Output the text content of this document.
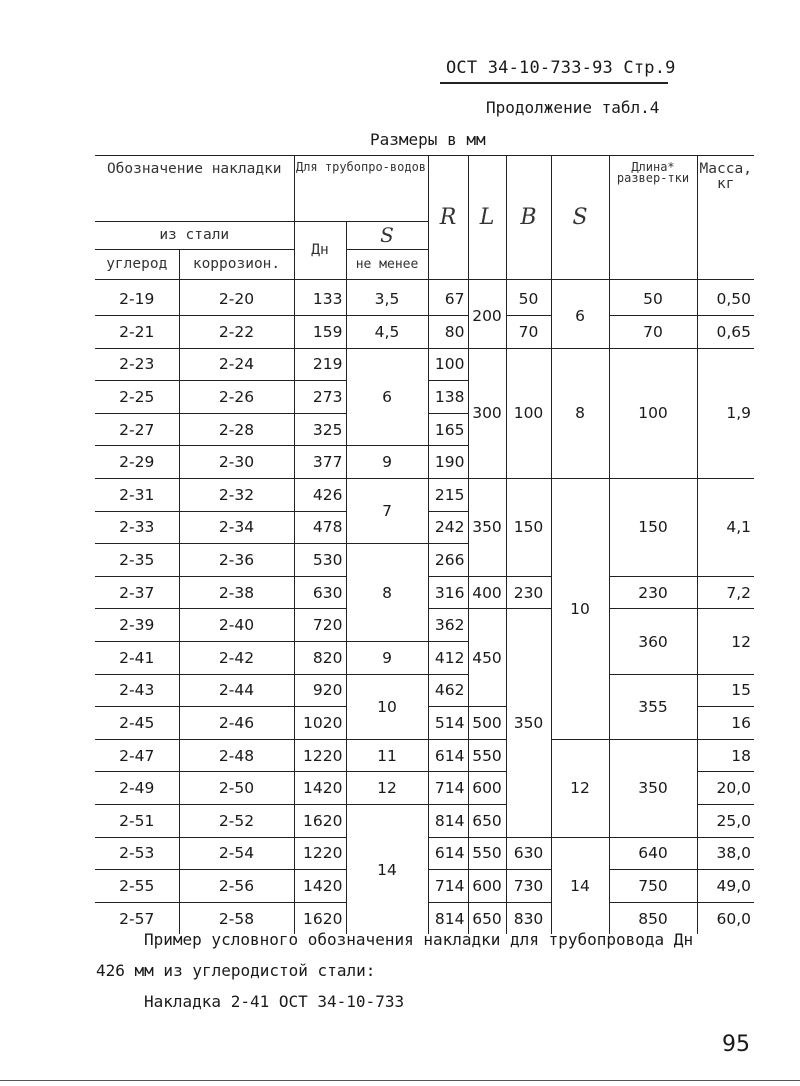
ОСТ 34-10-733-93 Стр.9
Продолжение табл.4
Размеры в мм
Обозначение накладки		Для трубопро-водов		R	L	B	S	Длина* развер-тки	Масса, кг
из стали		Дн	S						
углерод	коррозион.		не менее						

2-19	2-20	133	3,5	67	200	50	6	50	0,50
2-21	2-22	159	4,5	80		70		70	0,65
2-23	2-24	219	6	100	300	100	8	100	1,9
2-25	2-26	273		138					
2-27	2-28	325		165					
2-29	2-30	377	9	190					
2-31	2-32	426	7	215	350	150	10	150	4,1
2-33	2-34	478		242					
2-35	2-36	530	8	266					
2-37	2-38	630		316	400	230		230	7,2
2-39	2-40	720		362	450	350		360	12
2-41	2-42	820	9	412					
2-43	2-44	920	10	462				355	15
2-45	2-46	1020		514	500				16
2-47	2-48	1220	11	614	550		12	350	18
2-49	2-50	1420	12	714	600				20,0
2-51	2-52	1620	14	814	650				25,0
2-53	2-54	1220		614	550	630	14	640	38,0
2-55	2-56	1420		714	600	730		750	49,0
2-57	2-58	1620		814	650	830		850	60,0
Пример условного обозначения накладки для трубопровода Дн
426 мм из углеродистой стали:
Накладка 2-41 ОСТ 34-10-733
95
